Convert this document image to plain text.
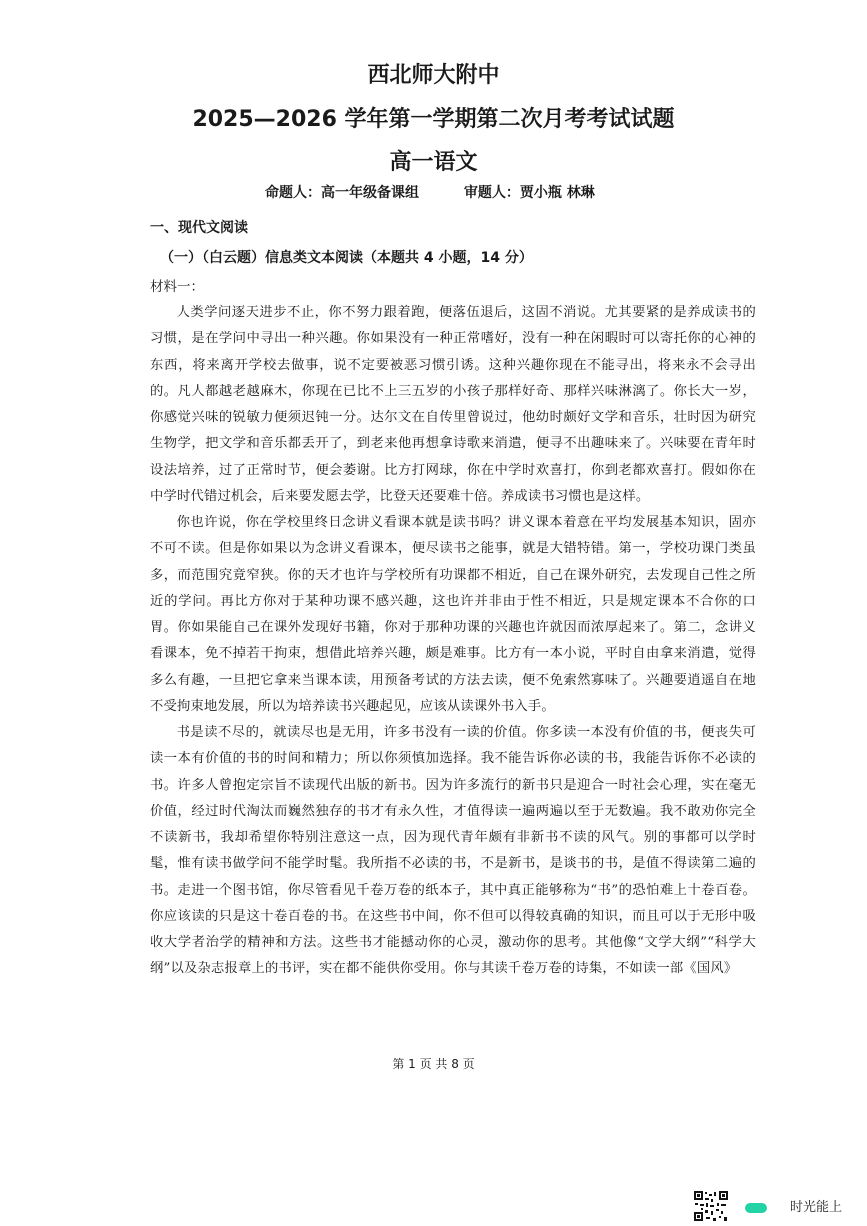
西北师大附中
2025—2026 学年第一学期第二次月考考试试题
高一语文
命题人：高一年级备课组	审题人：贾小瓶 林琳
一、现代文阅读
（一）（白云题）信息类文本阅读（本题共 4 小题，14 分）
材料一：

人类学问逐天进步不止，你不努力跟着跑，便落伍退后，这固不消说。尤其要紧的是养成读书的习惯，是在学问中寻出一种兴趣。你如果没有一种正常嗜好，没有一种在闲暇时可以寄托你的心神的东西，将来离开学校去做事，说不定要被恶习惯引诱。这种兴趣你现在不能寻出，将来永不会寻出的。凡人都越老越麻木，你现在已比不上三五岁的小孩子那样好奇、那样兴味淋漓了。你长大一岁，你感觉兴味的锐敏力便须迟钝一分。达尔文在自传里曾说过，他幼时颇好文学和音乐，壮时因为研究生物学，把文学和音乐都丢开了，到老来他再想拿诗歌来消遣，便寻不出趣味来了。兴味要在青年时设法培养，过了正常时节，便会萎谢。比方打网球，你在中学时欢喜打，你到老都欢喜打。假如你在中学时代错过机会，后来要发愿去学，比登天还要难十倍。养成读书习惯也是这样。

你也许说，你在学校里终日念讲义看课本就是读书吗？讲义课本着意在平均发展基本知识，固亦不可不读。但是你如果以为念讲义看课本，便尽读书之能事，就是大错特错。第一，学校功课门类虽多，而范围究竟窄狭。你的天才也许与学校所有功课都不相近，自己在课外研究，去发现自己性之所近的学问。再比方你对于某种功课不感兴趣，这也许并非由于性不相近，只是规定课本不合你的口胃。你如果能自己在课外发现好书籍，你对于那种功课的兴趣也许就因而浓厚起来了。第二，念讲义看课本，免不掉若干拘束，想借此培养兴趣，颇是难事。比方有一本小说，平时自由拿来消遣，觉得多么有趣，一旦把它拿来当课本读，用预备考试的方法去读，便不免索然寡味了。兴趣要逍遥自在地不受拘束地发展，所以为培养读书兴趣起见，应该从读课外书入手。

书是读不尽的，就读尽也是无用，许多书没有一读的价值。你多读一本没有价值的书，便丧失可读一本有价值的书的时间和精力；所以你须慎加选择。我不能告诉你必读的书，我能告诉你不必读的书。许多人曾抱定宗旨不读现代出版的新书。因为许多流行的新书只是迎合一时社会心理，实在毫无价值，经过时代淘汰而巍然独存的书才有永久性，才值得读一遍两遍以至于无数遍。我不敢劝你完全不读新书，我却希望你特别注意这一点，因为现代青年颇有非新书不读的风气。别的事都可以学时髦，惟有读书做学问不能学时髦。我所指不必读的书，不是新书，是谈书的书，是值不得读第二遍的书。走进一个图书馆，你尽管看见千卷万卷的纸本子，其中真正能够称为“书”的恐怕难上十卷百卷。你应该读的只是这十卷百卷的书。在这些书中间，你不但可以得较真确的知识，而且可以于无形中吸收大学者治学的精神和方法。这些书才能撼动你的心灵，激动你的思考。其他像“文学大纲”“科学大纲”以及杂志报章上的书评，实在都不能供你受用。你与其读千卷万卷的诗集，不如读一部《国风》

第 1 页 共 8 页
时光能上
